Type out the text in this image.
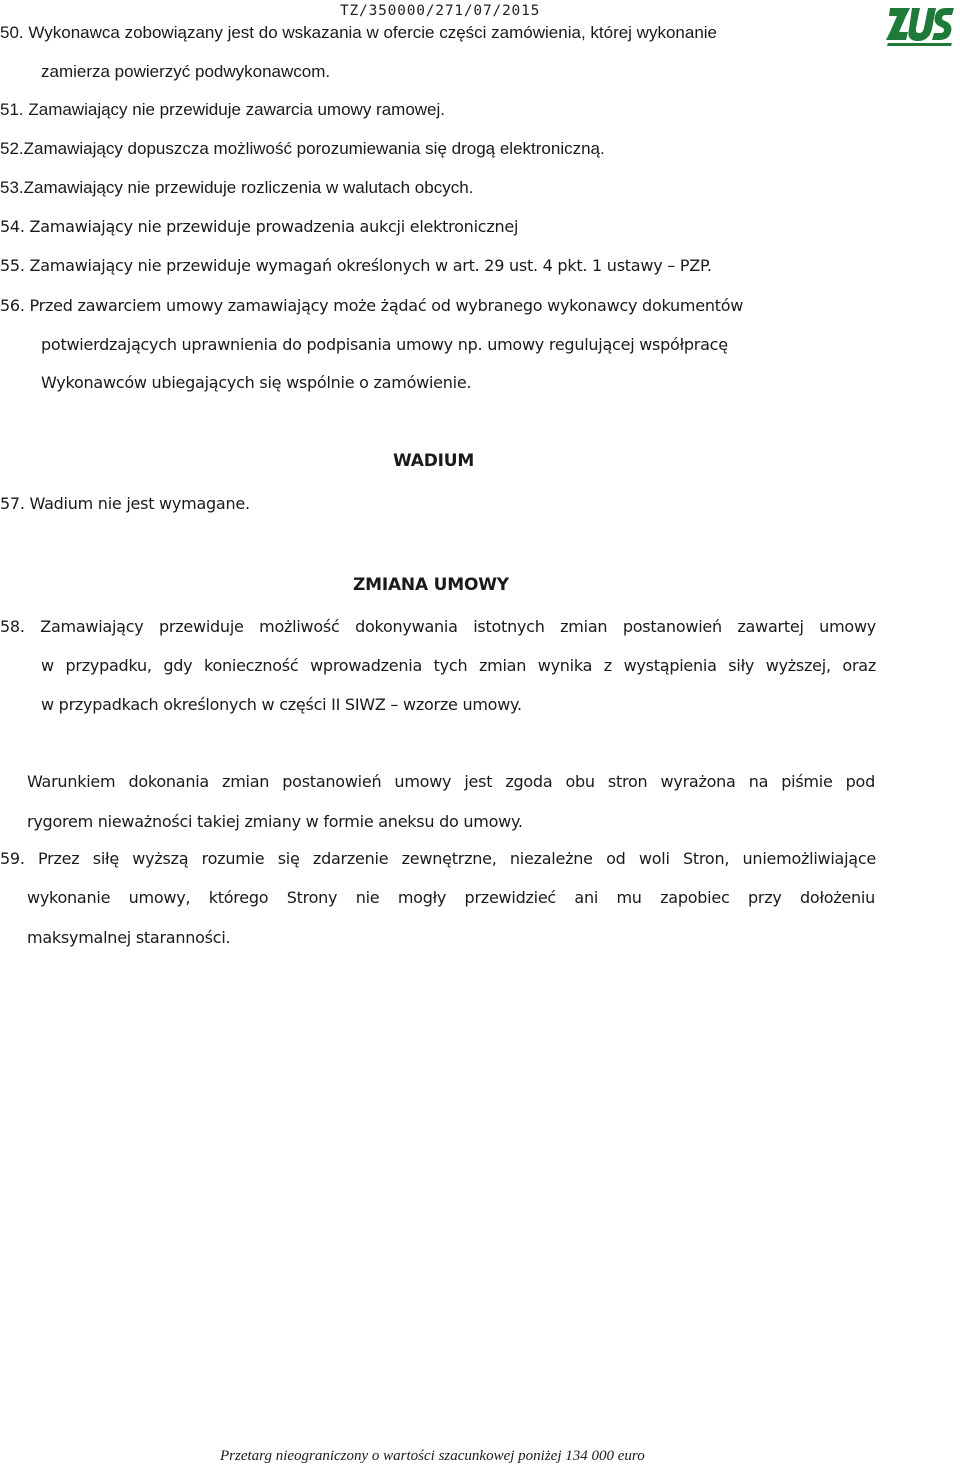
TZ/350000/271/07/2015

50. Wykonawca zobowiązany jest do wskazania w ofercie części zamówienia, której wykonanie

zamierza powierzyć podwykonawcom.

51. Zamawiający nie przewiduje zawarcia umowy ramowej.

52.Zamawiający dopuszcza możliwość porozumiewania się drogą elektroniczną.

53.Zamawiający nie przewiduje rozliczenia w walutach obcych.

54. Zamawiający nie przewiduje prowadzenia aukcji elektronicznej

55. Zamawiający nie przewiduje wymagań określonych w art. 29 ust. 4 pkt. 1 ustawy – PZP.

56. Przed zawarciem umowy zamawiający może żądać od wybranego wykonawcy dokumentów

potwierdzających uprawnienia do podpisania umowy np. umowy regulującej współpracę

Wykonawców ubiegających się wspólnie o zamówienie.

WADIUM

57. Wadium nie jest wymagane.

ZMIANA UMOWY

58. Zamawiający przewiduje możliwość dokonywania istotnych zmian postanowień zawartej umowy

w przypadku, gdy konieczność wprowadzenia tych zmian wynika z wystąpienia siły wyższej, oraz

w przypadkach określonych w części II SIWZ – wzorze umowy.

Warunkiem dokonania zmian postanowień umowy jest zgoda obu stron wyrażona na piśmie pod

rygorem nieważności takiej zmiany w formie aneksu do umowy.

59. Przez siłę wyższą rozumie się zdarzenie zewnętrzne, niezależne od woli Stron, uniemożliwiające

wykonanie umowy, którego Strony nie mogły przewidzieć ani mu zapobiec przy dołożeniu

maksymalnej staranności.

Przetarg nieograniczony o wartości szacunkowej poniżej 134 000 euro
